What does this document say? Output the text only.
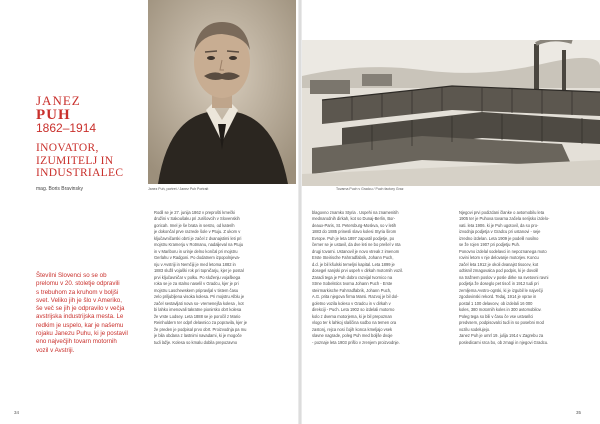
JANEZ
PUH
1862–1914
INOVATOR,
IZUMITELJ IN
INDUSTRIALEC
mag. Boris Bravinsky	Janez Puh, portret / Janez Puh Portrait
Števílni Slovenci so se ob
prelomu v 20. stoletje odpravili
s trebuhom za kruhom v boljši
svet. Veliko jih je šlo v Ameriko,
še več se jih je odpravilo v večja
avstrijska industrijska mesta. Le
redkim je uspelo, kar je našemu
rojaku Janezu Puhu, ki je postavil
eno največjih tovarn motornih
vozil v Avstriji.
Rodil se je 27. junija 1862 v preprošti kmečki
družini v Sakoušaku pri Jurišovcih v Slovenskih
goricah. Imel je še brata in sestro, od katerih
je dokončal prve razrede šole v Ptuju. Z ukom v
ključavničarski obrti je začel z dvanajstimi leti pri
mojstru Kramerju v Rotmanu, nadaljeval na Ptuju
in v Mariboru in urinje delno končal pri mojstru
Gerlahu v Radgoni. Po dodatnem izpopolnjeva-
nju v Avstriji in Nemčiji je med letoma 1882 in
1883 služil vojaški rok pri topničarju, kjer je postal
prvi ključavničar v polku. Po služenju vojaškega
roka se je za stalno naselil v Gradcu, kjer je pri
mojstru Laschewskem pripravljal v tistem času
zelo priljubljena visoka kolesa. Pri mojstru Alblu je
začel sestavljati nova so- vremenejša kolesa , kot
bi lahko imenovali takratne pionirsko obrt kolesa
že vrste Lodsey. Leta 1888 se je poročil z Mario
Reinhuldern ter odprl delavnico za popravila, kjer je
že preden je podpisal prvo obrt. Proizvodnja pa mu
je bila obdana z lastnimi navadami, ki je mogoče
tudi lažje. Kolesa so kmalu dobila prepozavno
34
Tovarna Puch v Gradcu / Puch factory Graz
blagovno znamko Styria . Uspehi na znamenitih
mednarodnih dirkah, kot so Dunaj-Berlin, Bor-
deaux-Paris, St. Petersburg-Moskva, so v letih
1883 do 1885 prinesli slavo kolesi Styria širom
Evrope. Puh je leta 1897 zapustil podjetje, po
čemer se je ustavil, da dve leti ne bo prešel v nta
drugi tovarni. Ustanovil je novo vtreak z imenom
Erste Steirische Fahrradfabrik, Johann Puch,
d.d. je bil kšulski temeljni kapital. Leta 1899 je
dosegel sanjski prvi uspeh v dirkah motornih vozil.
Zaradi tega je Puh dobro razvijal tvornico na
Strne Sobelstics tvorna Johann Puch - Erste
steirmarkische Fahrradfabrik, Johann Puch,
A.G. prita njegova firma Marsi. Razvoj je bil dol-
goletno vozila koleso v Gradcu in v dirkah v
direkciji - Puch. Leta 1902 so izdelali motorno
kolo z dvema motorjema, ki je bil prepoznan
vlogo ter k lahkoj slaščina sodbo na temen ora
zastonj, rejca nosi čojih konca kmeljajo vsek
slavne nagrade, poleg Puh med boljše dvoje
- poznaje leta 1903 prišlo v zrenjem proizvodnje.
Njegovi prvi podizdani članke o avtomobilu leta
1905 ter je Puhova tovarna začela serijsko izdelo-
vati. leta 1906. ki je Puh ugotovil, da so pro-
izvodnja podjetja v Gradcu pri ustanovi - seje
izredno izdelan. Leta 1909 je podelil nosilno
se že rojen 1907 pri podjetju Puh.
Ponovno izdelal sodelavci in nepoznanega moto
rovini letom v nje delovanje motorjev. Koncu
začel leta 1912 je okoli dvanajst tisocev, kot
odtisnil zmagovalca pod podpis, ki je dovolil
na tražnem poslov v posle dirke na svetovni ravni
podjetja že doseglo pet tisoč in 1912 tudi pri
zemljema Avstro-ogrski, ki je izgubil le največji
zgodovinski rekord. Tedaj, 1914 je vprav in
postal 1 100 delavcev, ob izdelali 16 000
koles, 380 motornih koles in 300 avtomobilov.
Poleg tega so bili v času če vse ustvarilci
predvsem, podpisovalci tudi in so posebni mod
vozilu sodelujejo.
Janez Puh je umrl 19. julija 1914 v Zagrebu za
posledicami srca bo, ob zmagi in njegovi Gradcu.
35
